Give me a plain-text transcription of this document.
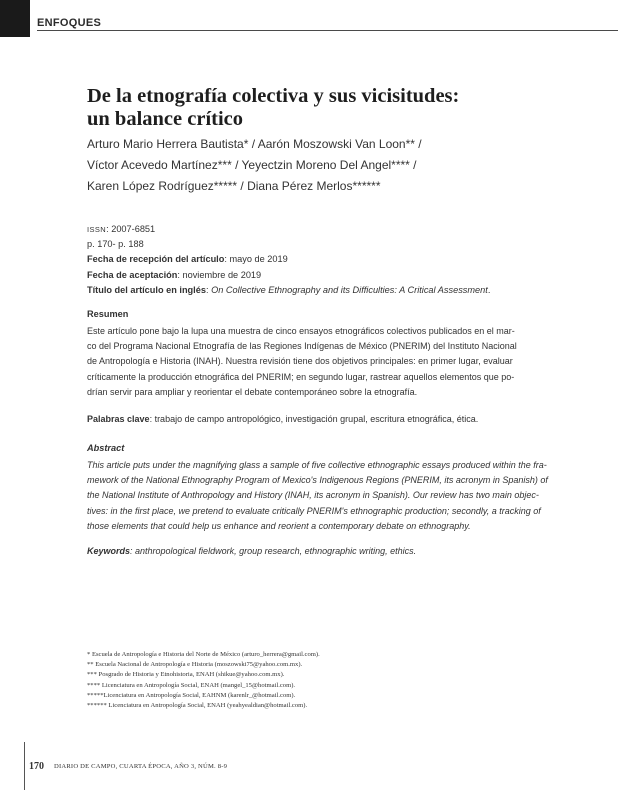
ENFOQUES
De la etnografía colectiva y sus vicisitudes:
un balance crítico
Arturo Mario Herrera Bautista* / Aarón Moszowski Van Loon** /
Víctor Acevedo Martínez*** / Yeyectzin Moreno Del Angel**** /
Karen López Rodríguez***** / Diana Pérez Merlos******
ISSN: 2007-6851
p. 170- p. 188
Fecha de recepción del artículo: mayo de 2019
Fecha de aceptación: noviembre de 2019
Título del artículo en inglés: On Collective Ethnography and its Difficulties: A Critical Assessment.
Resumen
Este artículo pone bajo la lupa una muestra de cinco ensayos etnográficos colectivos publicados en el mar-
co del Programa Nacional Etnografía de las Regiones Indígenas de México (PNERIM) del Instituto Nacional
de Antropología e Historia (INAH). Nuestra revisión tiene dos objetivos principales: en primer lugar, evaluar
críticamente la producción etnográfica del PNERIM; en segundo lugar, rastrear aquellos elementos que po-
drían servir para ampliar y reorientar el debate contemporáneo sobre la etnografía.
Palabras clave: trabajo de campo antropológico, investigación grupal, escritura etnográfica, ética.
Abstract
This article puts under the magnifying glass a sample of five collective ethnographic essays produced within the fra-
mework of the National Ethnography Program of Mexico's Indigenous Regions (PNERIM, its acronym in Spanish) of
the National Institute of Anthropology and History (INAH, its acronym in Spanish). Our review has two main objec-
tives: in the first place, we pretend to evaluate critically PNERIM's ethnographic production; secondly, a tracking of
those elements that could help us enhance and reorient a contemporary debate on ethnography.
Keywords: anthropological fieldwork, group research, ethnographic writing, ethics.
* Escuela de Antropología e Historia del Norte de México (arturo_herrera@gmail.com).
** Escuela Nacional de Antropología e Historia (moszowski75@yahoo.com.mx).
*** Posgrado de Historia y Etnohistoria, ENAH (shikue@yahoo.com.mx).
**** Licenciatura en Antropología Social, ENAH (mangel_15@hotmail.com).
*****Licenciatura en Antropología Social, EAHNM (karenlr_@hotmail.com).
****** Licenciatura en Antropología Social, ENAH (yeahyealdian@hotmail.com).
170 DIARIO DE CAMPO, CUARTA ÉPOCA, AÑO 3, NÚM. 8-9
